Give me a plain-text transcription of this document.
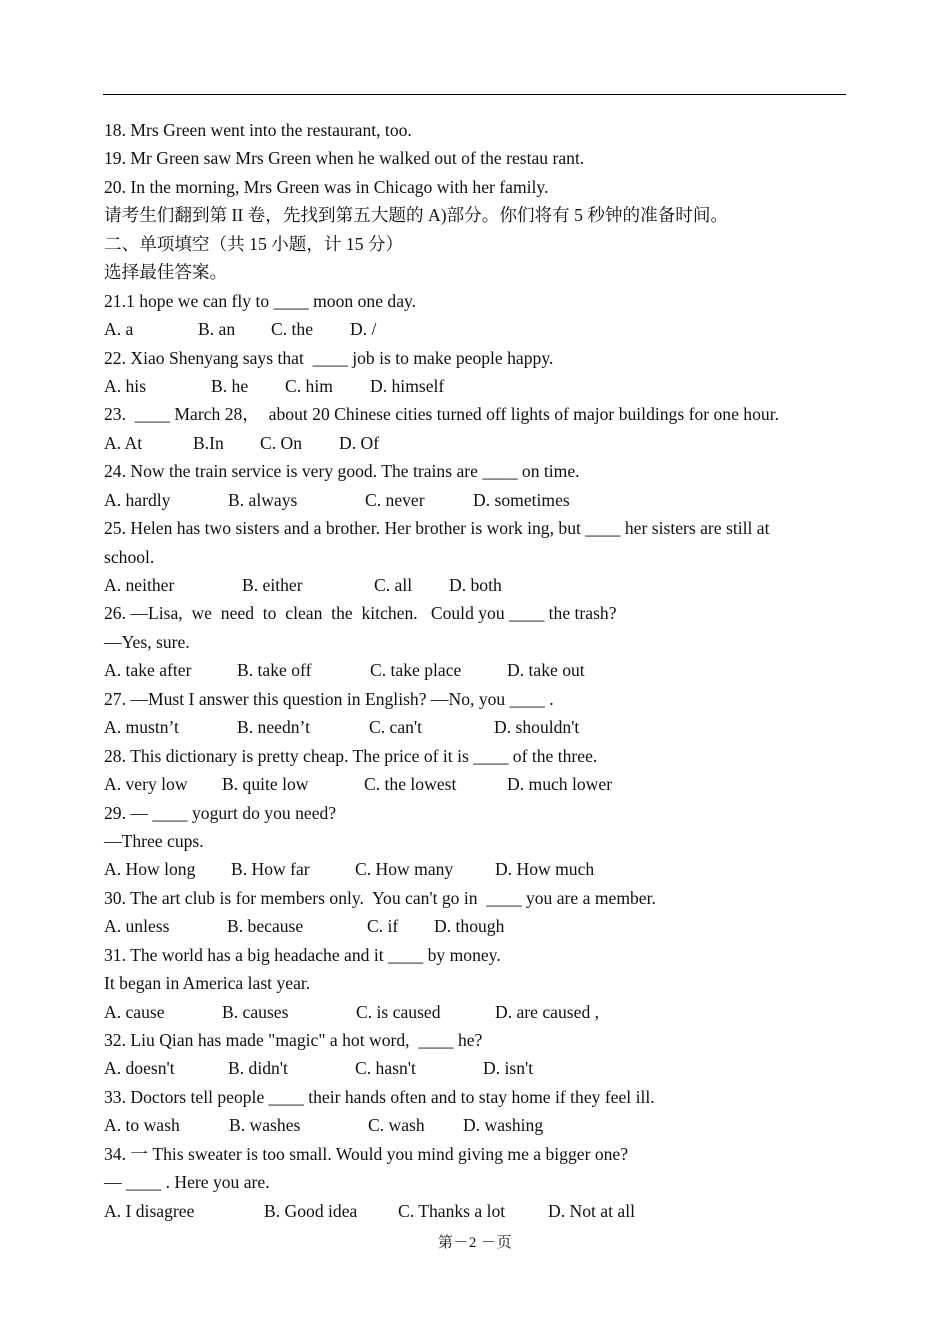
18. Mrs Green went into the restaurant, too.
19. Mr Green saw Mrs Green when he walked out of the restau rant.
20. In the morning, Mrs Green was in Chicago with her family.
请考生们翻到第 II 卷，先找到第五大题的 A)部分。你们将有 5 秒钟的准备时间。
二、单项填空（共 15 小题，计 15 分）
选择最佳答案。
21.1 hope we can fly to ____ moon one day.
A. a	B. an	C. the	D. /
22. Xiao Shenyang says that  ____ job is to make people happy.
A. his	B. he	C. him	D. himself
23.  ____ March 28，  about 20 Chinese cities turned off lights of major buildings for one hour.
A. At	B.In	C. On	D. Of
24. Now the train service is very good. The trains are ____ on time.
A. hardly	B. always	C. never	D. sometimes
25. Helen has two sisters and a brother. Her brother is work ing, but ____ her sisters are still at
school.
A. neither	B. either	C. all	D. both
26. —Lisa,  we  need  to  clean  the  kitchen.   Could you ____ the trash?
—Yes, sure.
A. take after	B. take off	C. take place	D. take out
27. —Must I answer this question in English? —No, you ____ .
A. mustn’t	B. needn’t	C. can't	D. shouldn't
28. This dictionary is pretty cheap. The price of it is ____ of the three.
A. very low	B. quite low	C. the lowest	D. much lower
29. — ____ yogurt do you need?
—Three cups.
A. How long	B. How far	C. How many	D. How much
30. The art club is for members only.  You can't go in  ____ you are a member.
A. unless	B. because	C. if	D. though
31. The world has a big headache and it ____ by money.
It began in America last year.
A. cause	B. causes	C. is caused	D. are caused ,
32. Liu Qian has made "magic" a hot word,  ____ he?
A. doesn't	B. didn't	C. hasn't	D. isn't
33. Doctors tell people ____ their hands often and to stay home if they feel ill.
A. to wash	B. washes	C. wash	D. washing
34. 一 This sweater is too small. Would you mind giving me a bigger one?
— ____ . Here you are.
A. I disagree	B. Good idea	C. Thanks a lot	D. Not at all
第－2 －页
